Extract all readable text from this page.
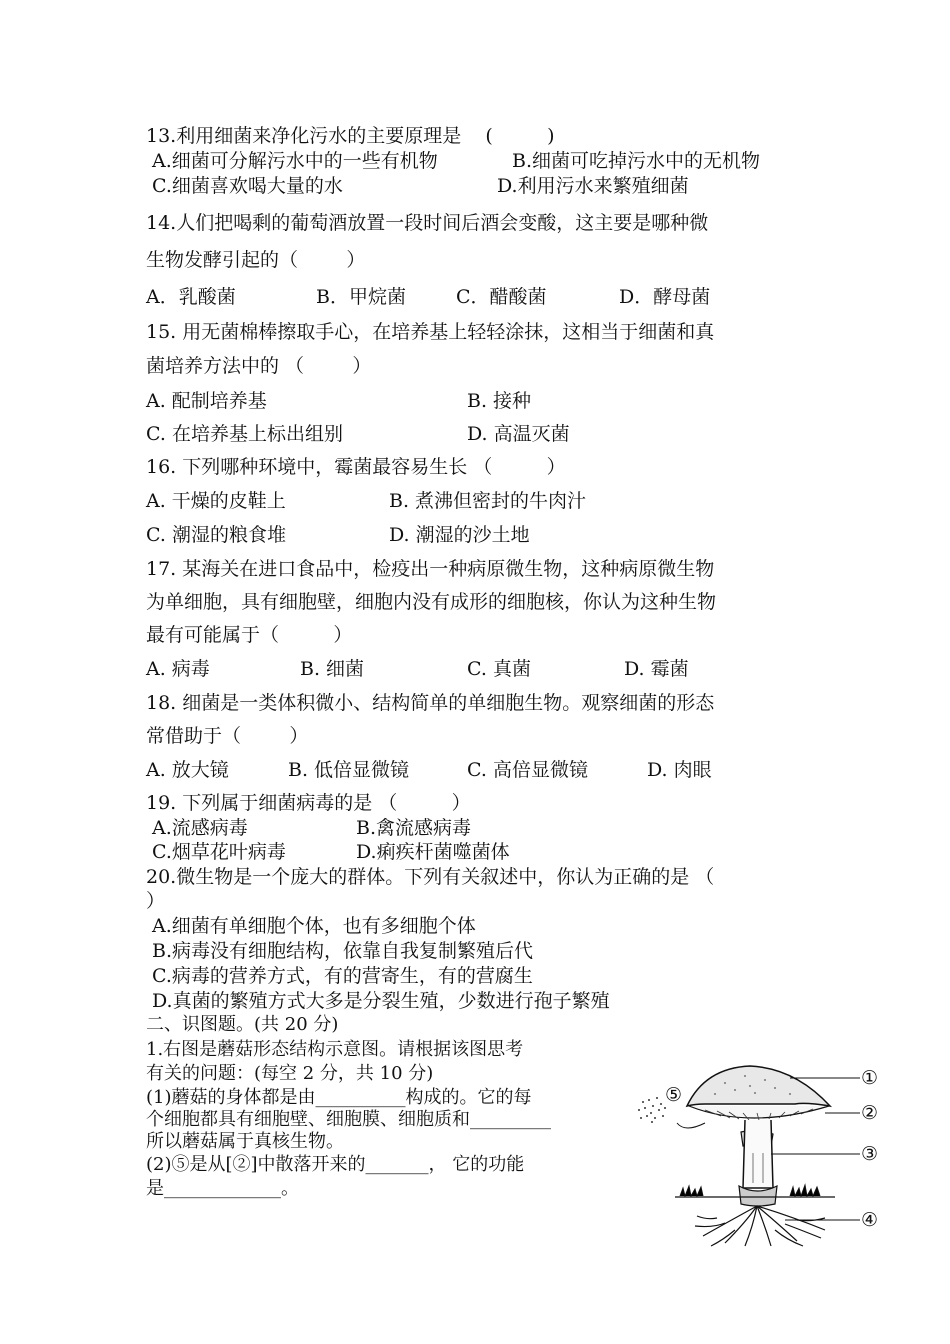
13.利用细菌来净化污水的主要原理是    (         )
A.细菌可分解污水中的一些有机物	B.细菌可吃掉污水中的无机物
C.细菌喜欢喝大量的水	D.利用污水来繁殖细菌
14.人们把喝剩的葡萄酒放置一段时间后酒会变酸，这主要是哪种微
生物发酵引起的（        ）
A．乳酸菌	B．甲烷菌	C．醋酸菌	D．酵母菌
15. 用无菌棉棒擦取手心，在培养基上轻轻涂抹，这相当于细菌和真
菌培养方法中的 （        ）
A. 配制培养基	B. 接种
C. 在培养基上标出组别	D. 高温灭菌
16. 下列哪种环境中，霉菌最容易生长 （         ）
A. 干燥的皮鞋上	B. 煮沸但密封的牛肉汁
C. 潮湿的粮食堆	D. 潮湿的沙土地
17. 某海关在进口食品中，检疫出一种病原微生物，这种病原微生物
为单细胞，具有细胞壁，细胞内没有成形的细胞核，你认为这种生物
最有可能属于（         ）
A. 病毒	B. 细菌	C. 真菌	D. 霉菌
18. 细菌是一类体积微小、结构简单的单细胞生物。观察细菌的形态
常借助于（        ）
A. 放大镜	B. 低倍显微镜	C. 高倍显微镜	D. 肉眼
19. 下列属于细菌病毒的是 （         ）
A.流感病毒	B.禽流感病毒
C.烟草花叶病毒	D.痢疾杆菌噬菌体
20.微生物是一个庞大的群体。下列有关叙述中，你认为正确的是 （
）
A.细菌有单细胞个体，也有多细胞个体
B.病毒没有细胞结构，依靠自我复制繁殖后代
C.病毒的营养方式，有的营寄生，有的营腐生
D.真菌的繁殖方式大多是分裂生殖，少数进行孢子繁殖
二、识图题。(共 20 分)
1.右图是蘑菇形态结构示意图。请根据该图思考
有关的问题：(每空 2 分，共 10 分)
(1)蘑菇的身体都是由__________构成的。它的每
个细胞都具有细胞壁、细胞膜、细胞质和_________
所以蘑菇属于真核生物。
(2)⑤是从[②]中散落开来的_______， 它的功能
是_____________。
①
②
③
④
⑤
